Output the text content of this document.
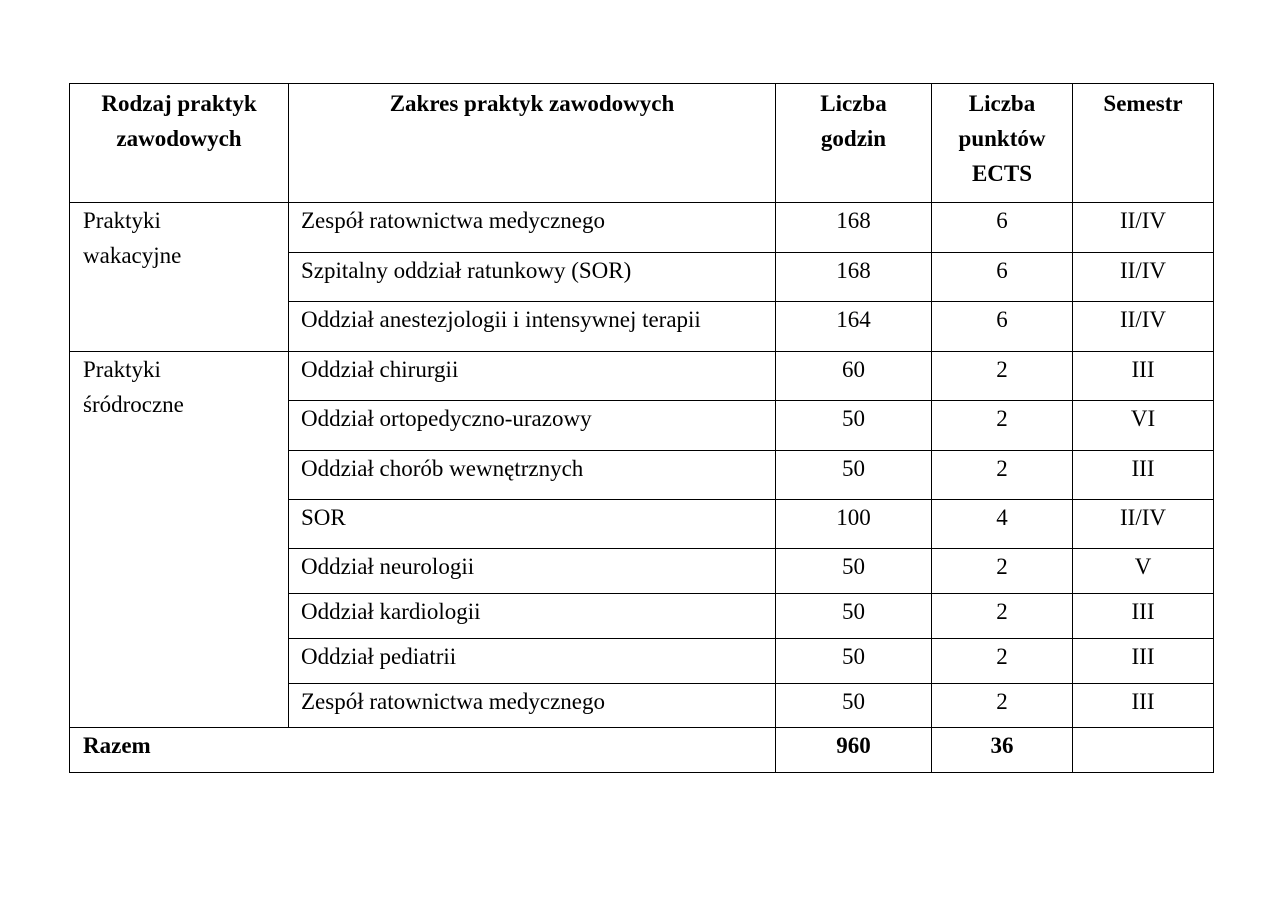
Rodzaj praktyk zawodowych	Zakres praktyk zawodowych	Liczba godzin	Liczba punktów ECTS	Semestr

Praktyki wakacyjne	Zespół ratownictwa medycznego	168	6	II/IV
	Szpitalny oddział ratunkowy (SOR)	168	6	II/IV
	Oddział anestezjologii i intensywnej terapii	164	6	II/IV

Praktyki śródroczne	Oddział chirurgii	60	2	III
	Oddział ortopedyczno-urazowy	50	2	VI
	Oddział chorób wewnętrznych	50	2	III
	SOR	100	4	II/IV
	Oddział neurologii	50	2	V
	Oddział kardiologii	50	2	III
	Oddział pediatrii	50	2	III
	Zespół ratownictwa medycznego	50	2	III
Razem		960	36	
